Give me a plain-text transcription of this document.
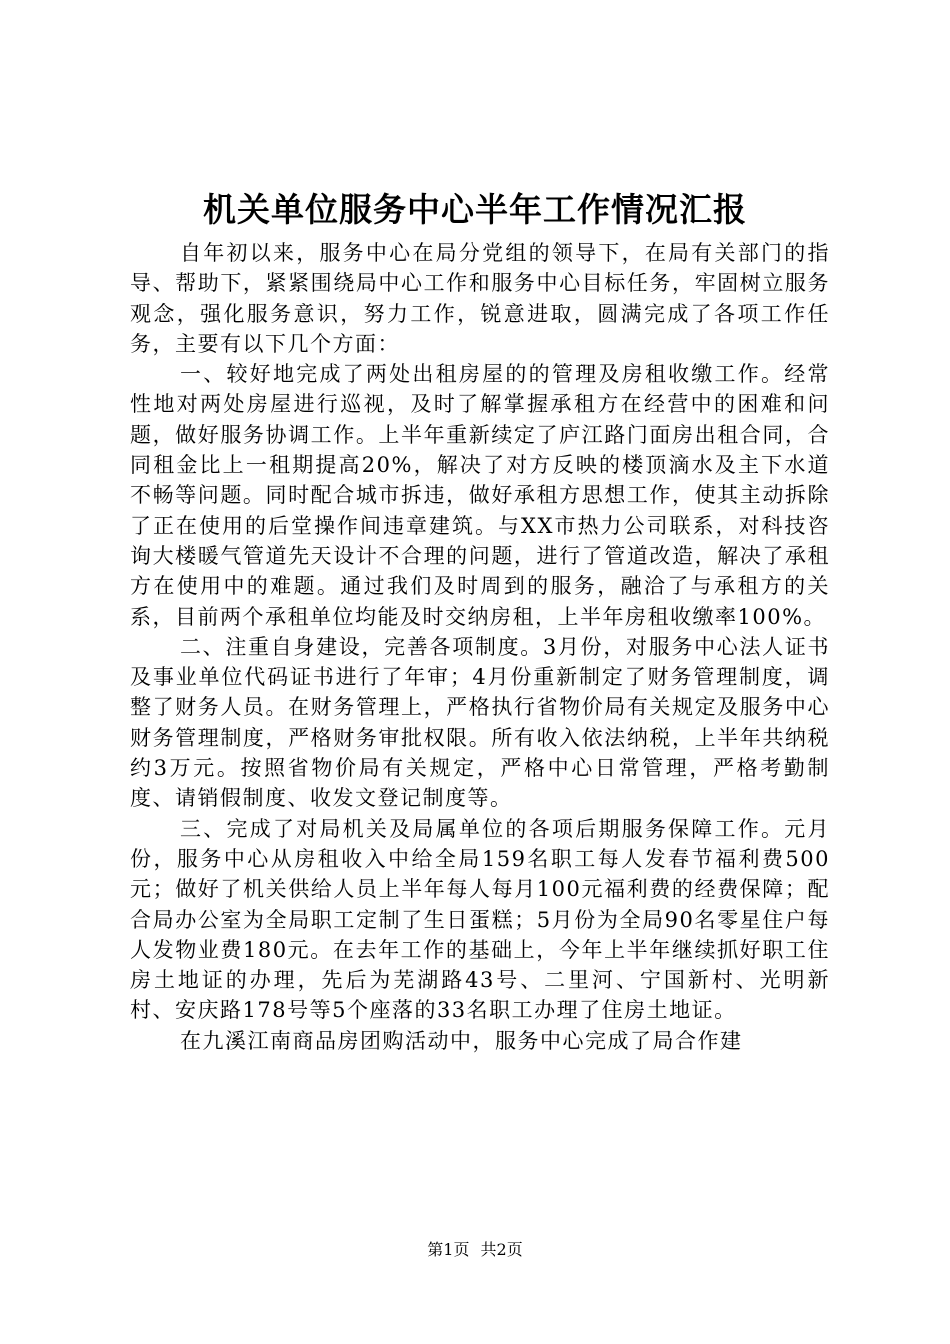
机关单位服务中心半年工作情况汇报

自年初以来，服务中心在局分党组的领导下，在局有关部门的指导、帮助下，紧紧围绕局中心工作和服务中心目标任务，牢固树立服务观念，强化服务意识，努力工作，锐意进取，圆满完成了各项工作任务，主要有以下几个方面：

一、较好地完成了两处出租房屋的的管理及房租收缴工作。经常性地对两处房屋进行巡视，及时了解掌握承租方在经营中的困难和问题，做好服务协调工作。上半年重新续定了庐江路门面房出租合同，合同租金比上一租期提高20%，解决了对方反映的楼顶滴水及主下水道不畅等问题。同时配合城市拆违，做好承租方思想工作，使其主动拆除了正在使用的后堂操作间违章建筑。与XX市热力公司联系，对科技咨询大楼暖气管道先天设计不合理的问题，进行了管道改造，解决了承租方在使用中的难题。通过我们及时周到的服务，融洽了与承租方的关系，目前两个承租单位均能及时交纳房租，上半年房租收缴率100%。

二、注重自身建设，完善各项制度。3月份，对服务中心法人证书及事业单位代码证书进行了年审；4月份重新制定了财务管理制度，调整了财务人员。在财务管理上，严格执行省物价局有关规定及服务中心财务管理制度，严格财务审批权限。所有收入依法纳税，上半年共纳税约3万元。按照省物价局有关规定，严格中心日常管理，严格考勤制度、请销假制度、收发文登记制度等。

三、完成了对局机关及局属单位的各项后期服务保障工作。元月份，服务中心从房租收入中给全局159名职工每人发春节福利费500元；做好了机关供给人员上半年每人每月100元福利费的经费保障；配合局办公室为全局职工定制了生日蛋糕；5月份为全局90名零星住户每人发物业费180元。在去年工作的基础上，今年上半年继续抓好职工住房土地证的办理，先后为芜湖路43号、二里河、宁国新村、光明新村、安庆路178号等5个座落的33名职工办理了住房土地证。

在九溪江南商品房团购活动中，服务中心完成了局合作建

第1页 共2页
